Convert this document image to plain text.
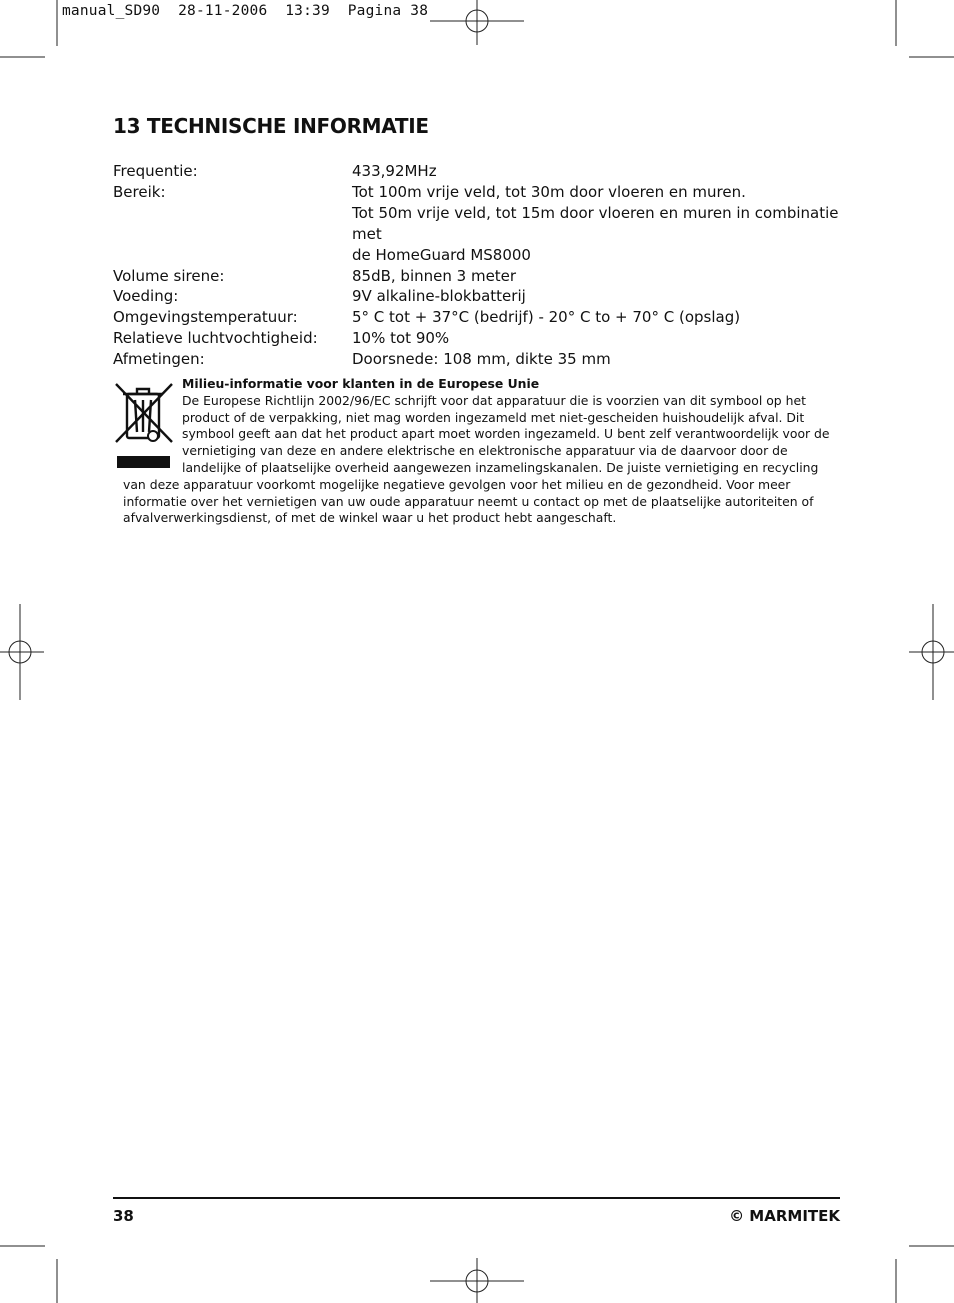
manual_SD90  28-11-2006  13:39  Pagina 38
13 TECHNISCHE INFORMATIE
Frequentie:	433,92MHz
Bereik:	Tot 100m vrije veld, tot 30m door vloeren en muren.
Tot 50m vrije veld, tot 15m door vloeren en muren in combinatie met
de HomeGuard MS8000
Volume sirene:	85dB, binnen 3 meter
Voeding:	9V alkaline-blokbatterij
Omgevingstemperatuur:	5° C tot + 37°C (bedrijf) - 20° C to + 70° C (opslag)
Relatieve luchtvochtigheid:	10% tot 90%
Afmetingen:	Doorsnede: 108 mm, dikte 35 mm
Milieu-informatie voor klanten in de Europese Unie
De Europese Richtlijn 2002/96/EC schrijft voor dat apparatuur die is voorzien van dit symbool op het product of de verpakking, niet mag worden ingezameld met niet-gescheiden huishoudelijk afval. Dit symbool geeft aan dat het product apart moet worden ingezameld. U bent zelf verantwoordelijk voor de vernietiging van deze en andere elektrische en elektronische apparatuur via de daarvoor door de landelijke of plaatselijke overheid aangewezen inzamelingskanalen. De juiste vernietiging en recycling van deze apparatuur voorkomt mogelijke negatieve gevolgen voor het milieu en de gezondheid. Voor meer informatie over het vernietigen van uw oude apparatuur neemt u contact op met de plaatselijke autoriteiten of afvalverwerkingsdienst, of met de winkel waar u het product hebt aangeschaft.
38	© MARMITEK
